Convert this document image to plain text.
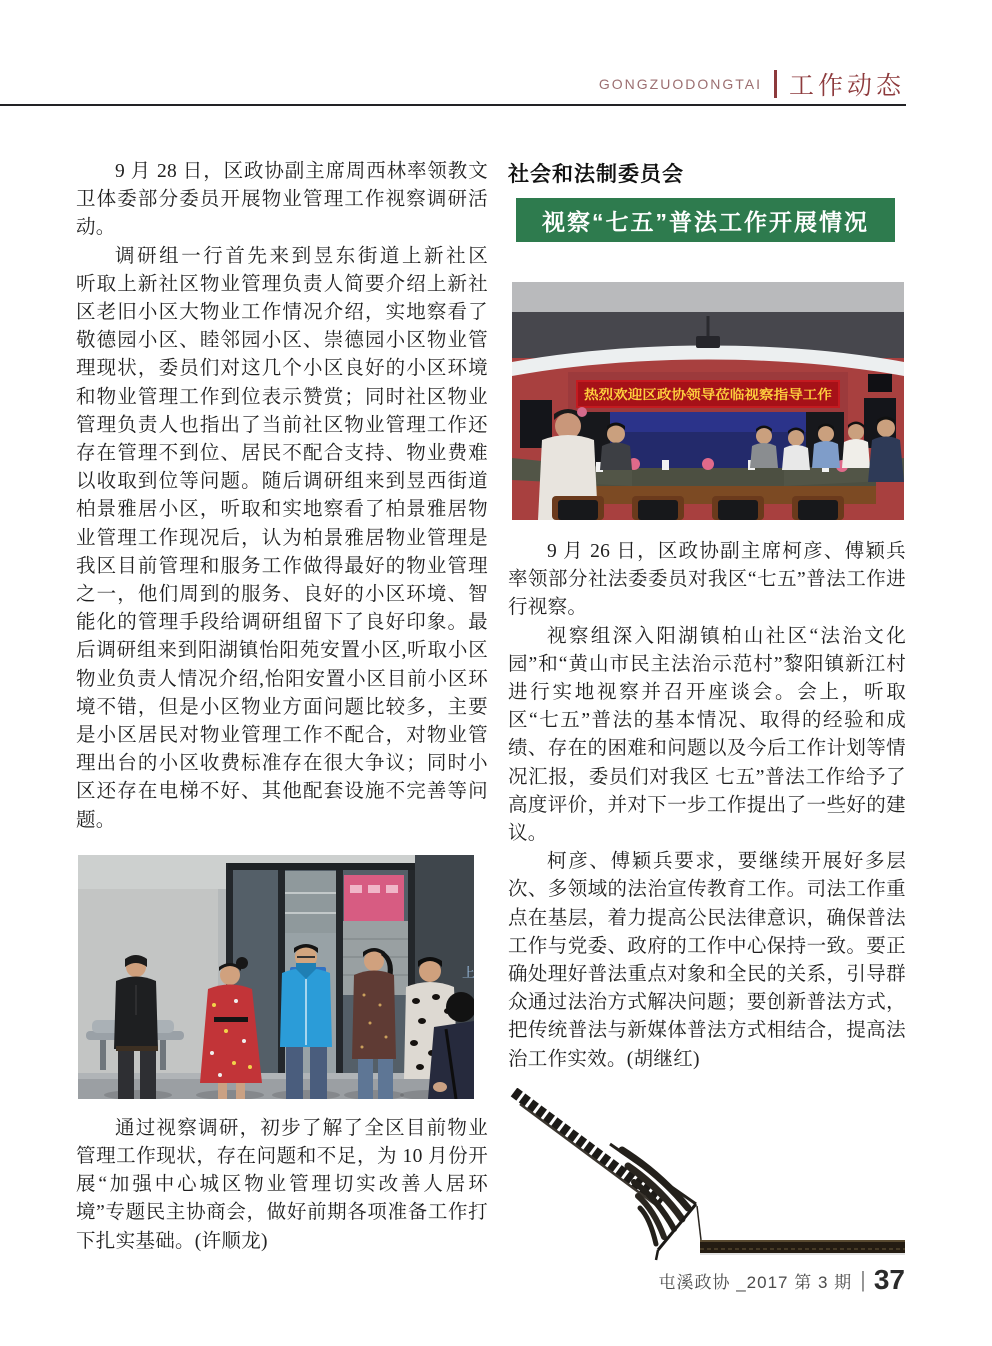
GONGZUODONGTAI 工作动态

9 月 28 日，区政协副主席周西林率领教文卫体委部分委员开展物业管理工作视察调研活动。

调研组一行首先来到昱东街道上新社区　听取上新社区物业管理负责人简要介绍上新社区老旧小区大物业工作情况介绍，实地察看了敬德园小区、睦邻园小区、崇德园小区物业管理现状，委员们对这几个小区良好的小区环境和物业管理工作到位表示赞赏；同时社区物业管理负责人也指出了当前社区物业管理工作还存在管理不到位、居民不配合支持、物业费难以收取到位等问题。随后调研组来到昱西街道柏景雅居小区，听取和实地察看了柏景雅居物业管理工作现况后，认为柏景雅居物业管理是我区目前管理和服务工作做得最好的物业管理之一，他们周到的服务、良好的小区环境、智能化的管理手段给调研组留下了良好印象。最后调研组来到阳湖镇怡阳苑安置小区,听取小区物业负责人情况介绍,怡阳安置小区目前小区环境不错，但是小区物业方面问题比较多，主要是小区居民对物业管理工作不配合，对物业管理出台的小区收费标准存在很大争议；同时小区还存在电梯不好、其他配套设施不完善等问题。

上

通过视察调研，初步了解了全区目前物业管理工作现状，存在问题和不足，为 10 月份开展“加强中心城区物业管理切实改善人居环境”专题民主协商会，做好前期各项准备工作打下扎实基础。(许顺龙)

社会和法制委员会
视察“七五”普法工作开展情况
热烈欢迎区政协领导莅临视察指导工作

9 月 26 日，区政协副主席柯彦、傅颖兵率领部分社法委委员对我区“七五”普法工作进行视察。

视察组深入阳湖镇柏山社区“法治文化园”和“黄山市民主法治示范村”黎阳镇新江村进行实地视察并召开座谈会。会上，听取区“七五”普法的基本情况、取得的经验和成绩、存在的困难和问题以及今后工作计划等情况汇报，委员们对我区 七五”普法工作给予了高度评价，并对下一步工作提出了一些好的建议。

柯彦、傅颖兵要求，要继续开展好多层次、多领域的法治宣传教育工作。司法工作重点在基层，着力提高公民法律意识，确保普法工作与党委、政府的工作中心保持一致。要正确处理好普法重点对象和全民的关系，引导群众通过法治方式解决问题；要创新普法方式，把传统普法与新媒体普法方式相结合，提高法治工作实效。(胡继红)

屯溪政协 _2017 第 3 期 | 37
